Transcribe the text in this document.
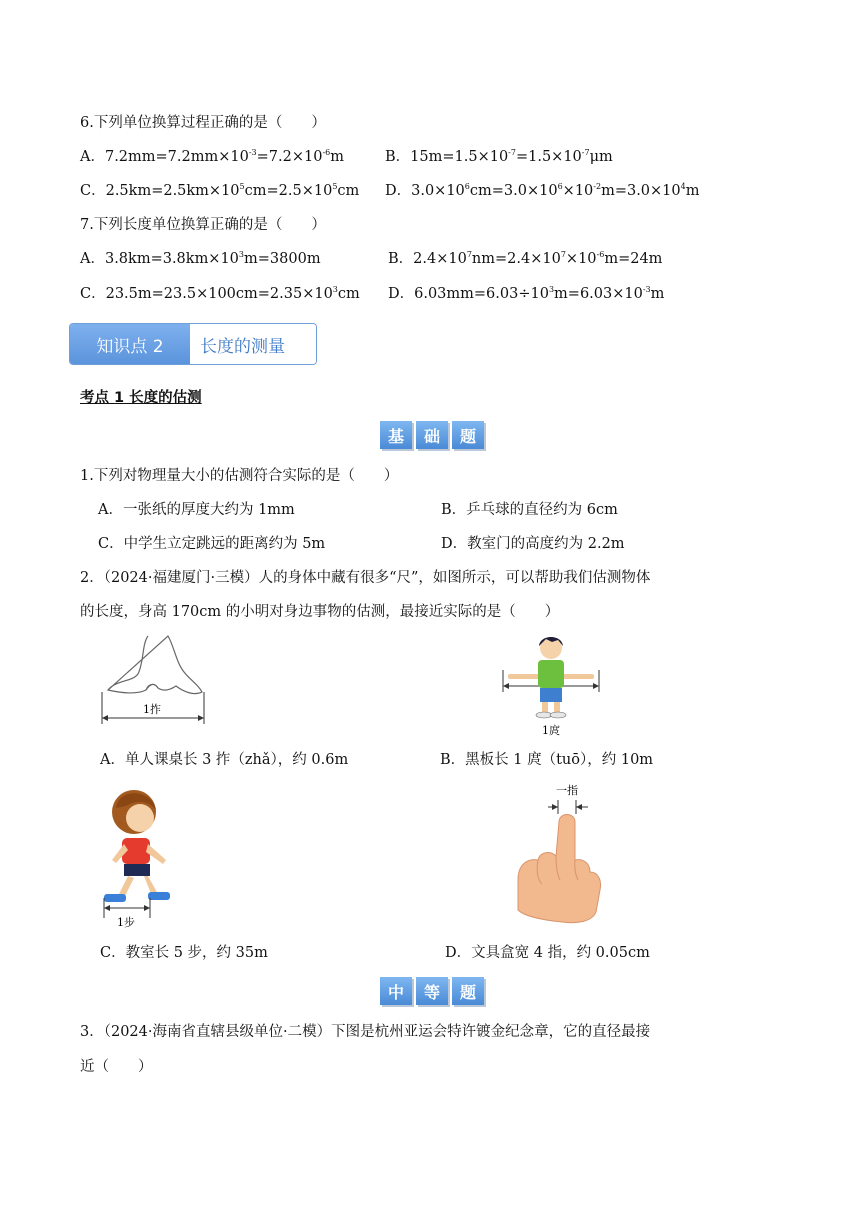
6.下列单位换算过程正确的是（　　）
A．$7.2mm=7.2mm\times 10^{-3}=7.2\times 10^{-6}m$	B．$15m=1.5\times 10^{-7}=1.5\times 10^{-7}\mu m$
C．$2.5km=2.5km\times 10^5cm=2.5\times 10^5cm$ D．$3.0\times 10^6cm=3.0\times 10^6\times 10^{-2}m=3.0\times 10^4m$
7.下列长度单位换算正确的是（　　）
A．$3.8km=3.8km\times 10^3m=3800m$	B．$2.4\times 10^7nm=2.4\times 10^7\times 10^{-6}m=24m$
C．$23.5m=23.5\times 100cm=2.35\times 10^3cm$ D．$6.03mm=6.03\div 10^3m=6.03\times 10^{-3}m$
知识点 2	长度的测量
考点 1 长度的估测
基	础	题
1.下列对物理量大小的估测符合实际的是（　　）
A．一张纸的厚度大约为 1mm	B．乒乓球的直径约为 6cm
C．中学生立定跳远的距离约为 5m	D．教室门的高度约为 2.2m
2．（2024·福建厦门·三模）人的身体中藏有很多“尺”，如图所示，可以帮助我们估测物体
的长度，身高 170cm 的小明对身边事物的估测，最接近实际的是（　　）
1拃
1庹
A．单人课桌长 3 拃（zhǎ），约 0.6m	B．黑板长 1 庹（tuō），约 10m
1步
一指
C．教室长 5 步，约 35m	D．文具盒宽 4 指，约 0.05cm
中	等	题
3．（2024·海南省直辖县级单位·二模）下图是杭州亚运会特许镀金纪念章，它的直径最接
近（　　）
